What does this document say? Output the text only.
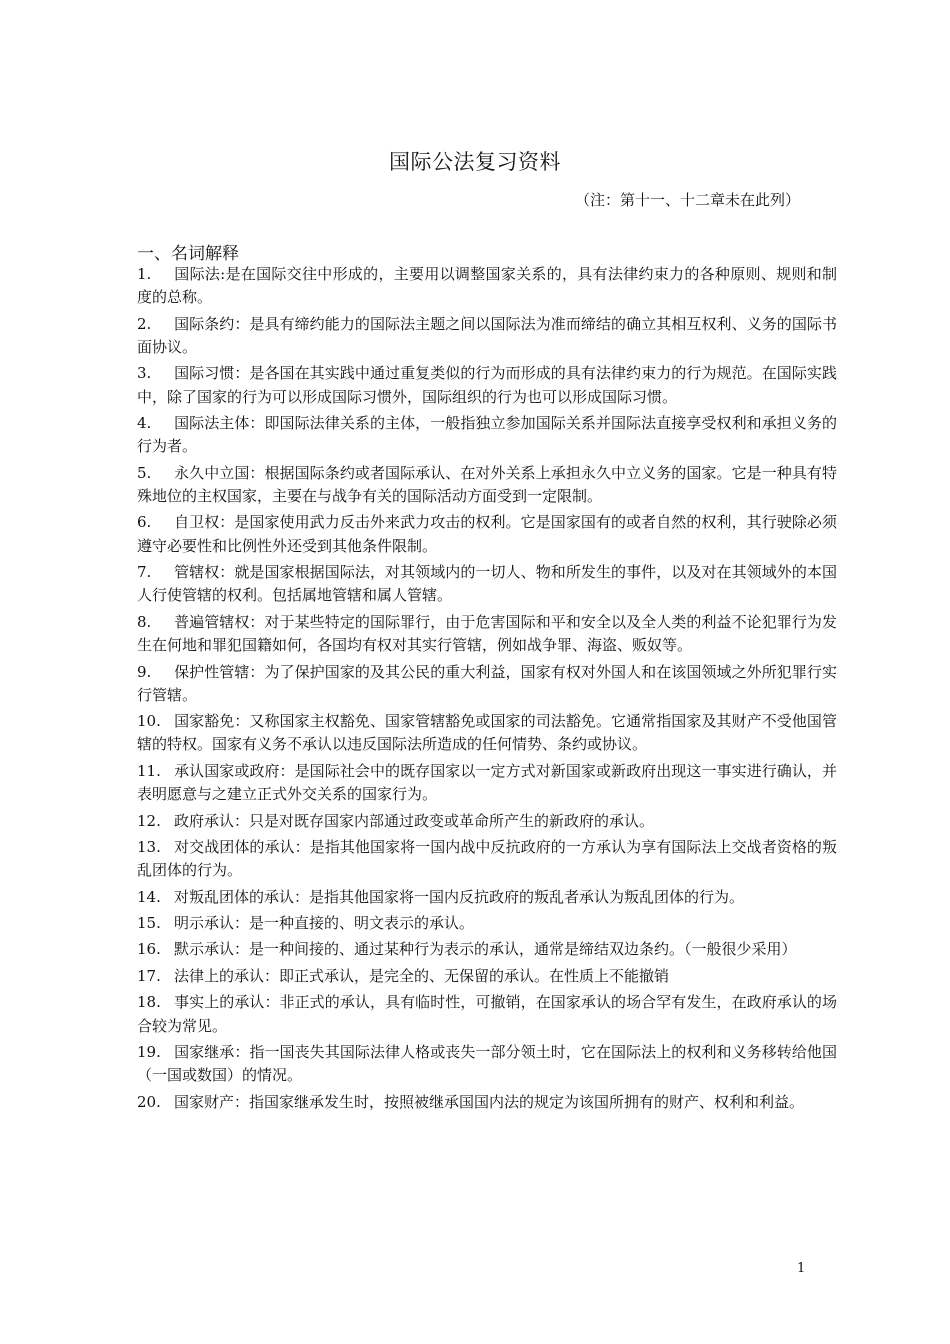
国际公法复习资料
（注：第十一、十二章未在此列）
一、名词解释
1. 国际法:是在国际交往中形成的，主要用以调整国家关系的，具有法律约束力的各种原则、规则和制度的总称。
2. 国际条约：是具有缔约能力的国际法主题之间以国际法为准而缔结的确立其相互权利、义务的国际书面协议。
3. 国际习惯：是各国在其实践中通过重复类似的行为而形成的具有法律约束力的行为规范。在国际实践中，除了国家的行为可以形成国际习惯外，国际组织的行为也可以形成国际习惯。
4. 国际法主体：即国际法律关系的主体，一般指独立参加国际关系并国际法直接享受权利和承担义务的行为者。
5. 永久中立国：根据国际条约或者国际承认、在对外关系上承担永久中立义务的国家。它是一种具有特殊地位的主权国家，主要在与战争有关的国际活动方面受到一定限制。
6. 自卫权：是国家使用武力反击外来武力攻击的权利。它是国家国有的或者自然的权利，其行驶除必须遵守必要性和比例性外还受到其他条件限制。
7. 管辖权：就是国家根据国际法，对其领域内的一切人、物和所发生的事件，以及对在其领域外的本国人行使管辖的权利。包括属地管辖和属人管辖。
8. 普遍管辖权：对于某些特定的国际罪行，由于危害国际和平和安全以及全人类的利益不论犯罪行为发生在何地和罪犯国籍如何，各国均有权对其实行管辖，例如战争罪、海盗、贩奴等。
9. 保护性管辖：为了保护国家的及其公民的重大利益，国家有权对外国人和在该国领域之外所犯罪行实行管辖。
10. 国家豁免：又称国家主权豁免、国家管辖豁免或国家的司法豁免。它通常指国家及其财产不受他国管辖的特权。国家有义务不承认以违反国际法所造成的任何情势、条约或协议。
11. 承认国家或政府：是国际社会中的既存国家以一定方式对新国家或新政府出现这一事实进行确认，并表明愿意与之建立正式外交关系的国家行为。
12. 政府承认：只是对既存国家内部通过政变或革命所产生的新政府的承认。
13. 对交战团体的承认：是指其他国家将一国内战中反抗政府的一方承认为享有国际法上交战者资格的叛乱团体的行为。
14. 对叛乱团体的承认：是指其他国家将一国内反抗政府的叛乱者承认为叛乱团体的行为。
15. 明示承认：是一种直接的、明文表示的承认。
16. 默示承认：是一种间接的、通过某种行为表示的承认，通常是缔结双边条约。（一般很少采用）
17. 法律上的承认：即正式承认，是完全的、无保留的承认。在性质上不能撤销
18. 事实上的承认：非正式的承认，具有临时性，可撤销，在国家承认的场合罕有发生，在政府承认的场合较为常见。
19. 国家继承：指一国丧失其国际法律人格或丧失一部分领土时，它在国际法上的权利和义务移转给他国（一国或数国）的情况。
20. 国家财产：指国家继承发生时，按照被继承国国内法的规定为该国所拥有的财产、权利和利益。
1
